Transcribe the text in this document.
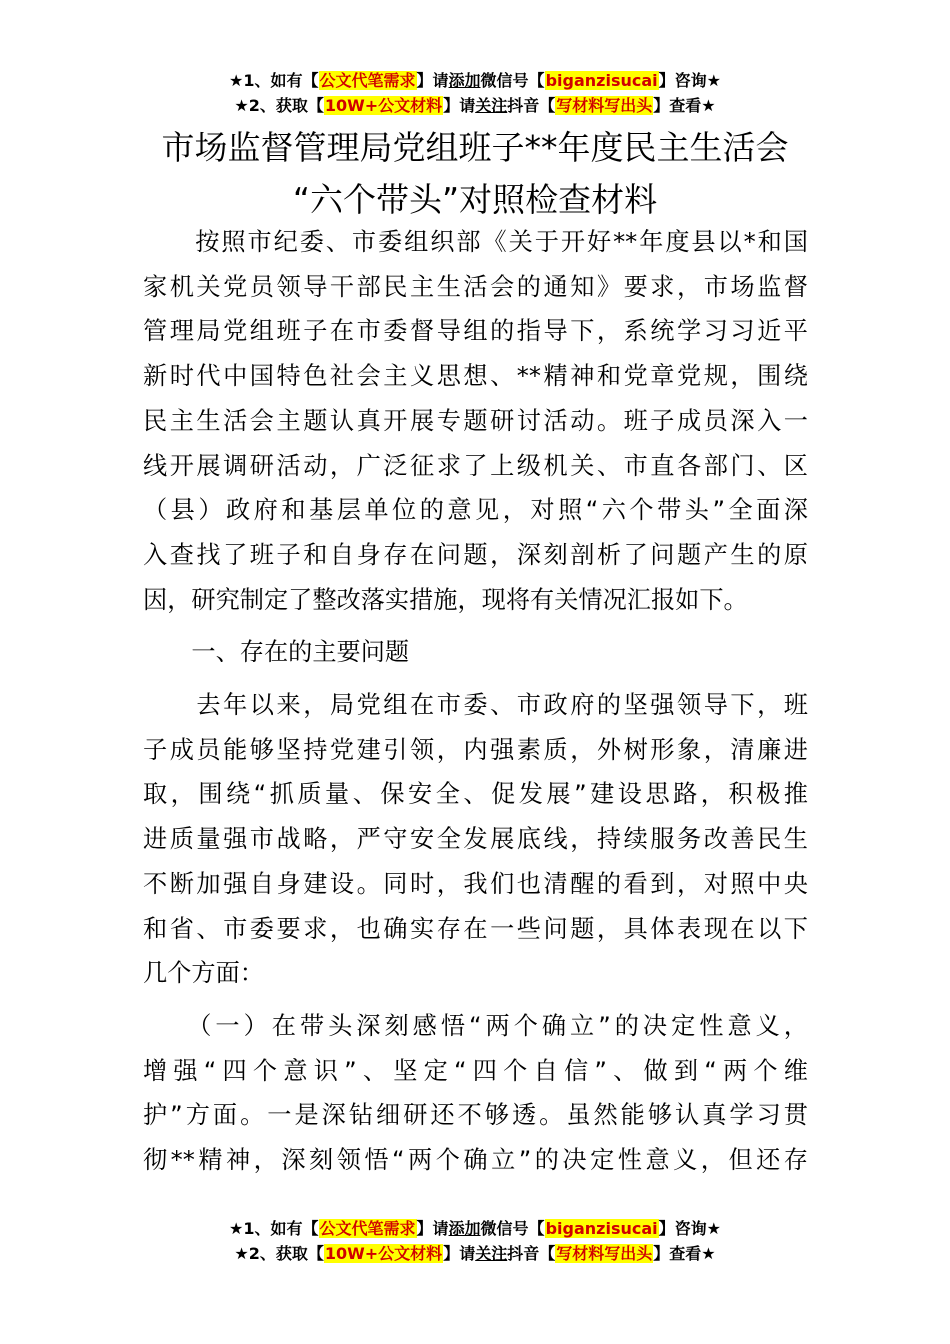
★1、如有【公文代笔需求】请添加微信号【biganzisucai】咨询★
★2、获取【10W+公文材料】请关注抖音【写材料写出头】查看★
市场监督管理局党组班子**年度民主生活会
“六个带头”对照检查材料
　　按照市纪委、市委组织部《关于开好**年度县以*和国
家机关党员领导干部民主生活会的通知》要求，市场监督
管理局党组班子在市委督导组的指导下，系统学习习近平
新时代中国特色社会主义思想、**精神和党章党规，围绕
民主生活会主题认真开展专题研讨活动。班子成员深入一
线开展调研活动，广泛征求了上级机关、市直各部门、区
（县）政府和基层单位的意见，对照“六个带头”全面深
入查找了班子和自身存在问题，深刻剖析了问题产生的原
因，研究制定了整改落实措施，现将有关情况汇报如下。
　　一、存在的主要问题
　　去年以来，局党组在市委、市政府的坚强领导下，班
子成员能够坚持党建引领，内强素质，外树形象，清廉进
取，围绕“抓质量、保安全、促发展”建设思路，积极推
进质量强市战略，严守安全发展底线，持续服务改善民生
不断加强自身建设。同时，我们也清醒的看到，对照中央
和省、市委要求，也确实存在一些问题，具体表现在以下
几个方面：
　　（一）在带头深刻感悟“两个确立”的决定性意义，
增强“四个意识”、坚定“四个自信”、做到“两个维
护”方面。一是深钻细研还不够透。虽然能够认真学习贯
彻**精神，深刻领悟“两个确立”的决定性意义，但还存
★1、如有【公文代笔需求】请添加微信号【biganzisucai】咨询★
★2、获取【10W+公文材料】请关注抖音【写材料写出头】查看★
